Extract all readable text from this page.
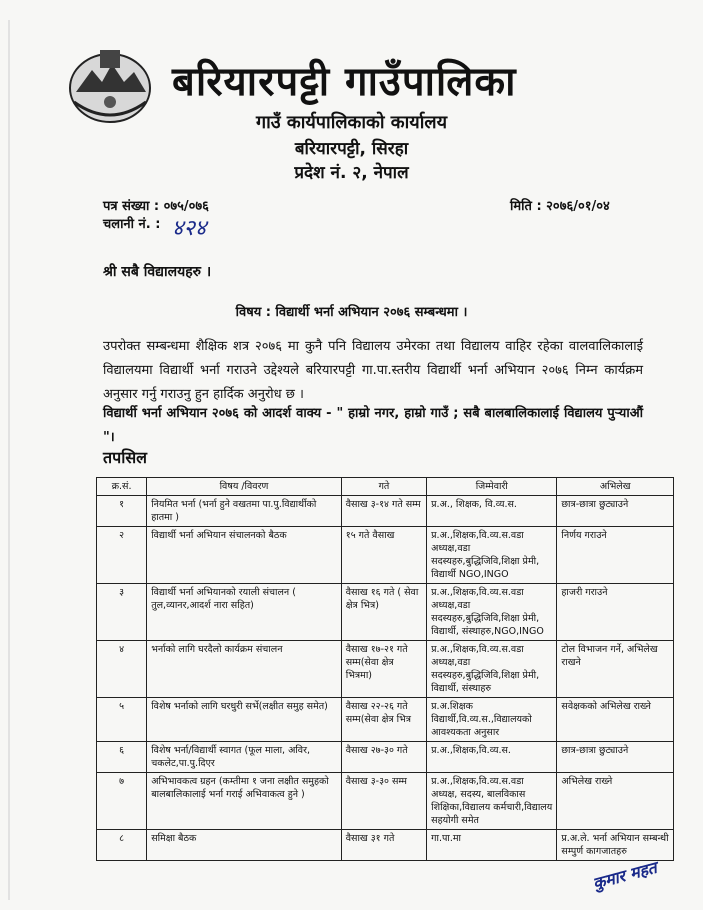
बरियारपट्टी गाउँपालिका
गाउँ कार्यपालिकाको कार्यालय
बरियारपट्टी, सिरहा
प्रदेश नं. २, नेपाल
पत्र संख्या : ०७५/०७६
चलानी नं. : ४२४
मिति : २०७६/०१/०४
श्री सबै विद्यालयहरु ।
विषय : विद्यार्थी भर्ना अभियान २०७६ सम्बन्धमा ।
उपरोक्त सम्बन्धमा शैक्षिक शत्र २०७६ मा कुनै पनि विद्यालय उमेरका तथा विद्यालय वाहिर रहेका वालवालिकालाई विद्यालयमा विद्यार्थी भर्ना गराउने उद्देश्यले बरियारपट्टी गा.पा.स्तरीय विद्यार्थी भर्ना अभियान २०७६ निम्न कार्यक्रम अनुसार गर्नु गराउनु हुन हार्दिक अनुरोध छ ।
विद्यार्थी भर्ना अभियान २०७६ को आदर्श वाक्य - " हाम्रो नगर, हाम्रो गाउँ ; सबै बालबालिकालाई विद्यालय पुर्‍याऔं "।
तपसिल
क्र.सं.	विषय /विवरण	गते	जिम्मेवारी	अभिलेख
१	नियमित भर्ना (भर्ना हुने वखतमा पा.पु.विद्यार्थीको हातमा )	वैसाख ३-१४ गते सम्म	प्र.अ., शिक्षक, वि.व्य.स.	छात्र-छात्रा छुट्याउने
२	विद्यार्थी भर्ना अभियान संचालनको बैठक	१५ गते वैसाख	प्र.अ.,शिक्षक,वि.व्य.स.वडा अध्यक्ष,वडा सदस्यहरु,बुद्धिजिवि,शिक्षा प्रेमी, विद्यार्थी NGO,INGO	निर्णय गराउने
३	विद्यार्थी भर्ना अभियानको रयाली संचालन ( तुल,व्यानर,आदर्श नारा सहित)	वैसाख १६ गते ( सेवा क्षेत्र भित्र)	प्र.अ.,शिक्षक,वि.व्य.स.वडा अध्यक्ष,वडा सदस्यहरु,बुद्धिजिवि,शिक्षा प्रेमी, विद्यार्थी, संस्थाहरु,NGO,INGO	हाजरी गराउने
४	भर्नाको लागि घरदैलो कार्यक्रम संचालन	वैसाख १७-२१ गते सम्म(सेवा क्षेत्र भित्रमा)	प्र.अ.,शिक्षक,वि.व्य.स.वडा अध्यक्ष,वडा सदस्यहरु,बुद्धिजिवि,शिक्षा प्रेमी, विद्यार्थी, संस्थाहरु	टोल विभाजन गर्ने, अभिलेख राखने
५	विशेष भर्नाको लागि घरधुरी सर्भे(लक्षीत समुह समेत)	वैसाख २२-२६ गते सम्म(सेवा क्षेत्र भित्र	प्र.अ.शिक्षक विद्यार्थी,वि.व्य.स.,विद्यालयको आवश्यकता अनुसार	सवेक्षकको अभिलेख राख्ने
६	विशेष भर्ना/विद्यार्थी स्वागत (फूल माला, अविर, चकलेट,पा.पु.दिएर	वैसाख २७-३० गते	प्र.अ.,शिक्षक,वि.व्य.स.	छात्र-छात्रा छुट्याउने
७	अभिभावकत्व ग्रहन (कम्तीमा १ जना लक्षीत समुहको बालबालिकालाई भर्ना गराई अभिवाकत्व हुने )	वैसाख ३-३० सम्म	प्र.अ.,शिक्षक,वि.व्य.स.वडा अध्यक्ष, सदस्य, बालविकास शिक्षिका,विद्यालय कर्मचारी,विद्यालय सहयोगी समेत	अभिलेख राख्ने
८	समिक्षा बैठक	वैसाख ३१ गते	गा.पा.मा	प्र.अ.ले. भर्ना अभियान सम्बन्धी सम्पुर्ण कागजातहरु
कुमार महत
